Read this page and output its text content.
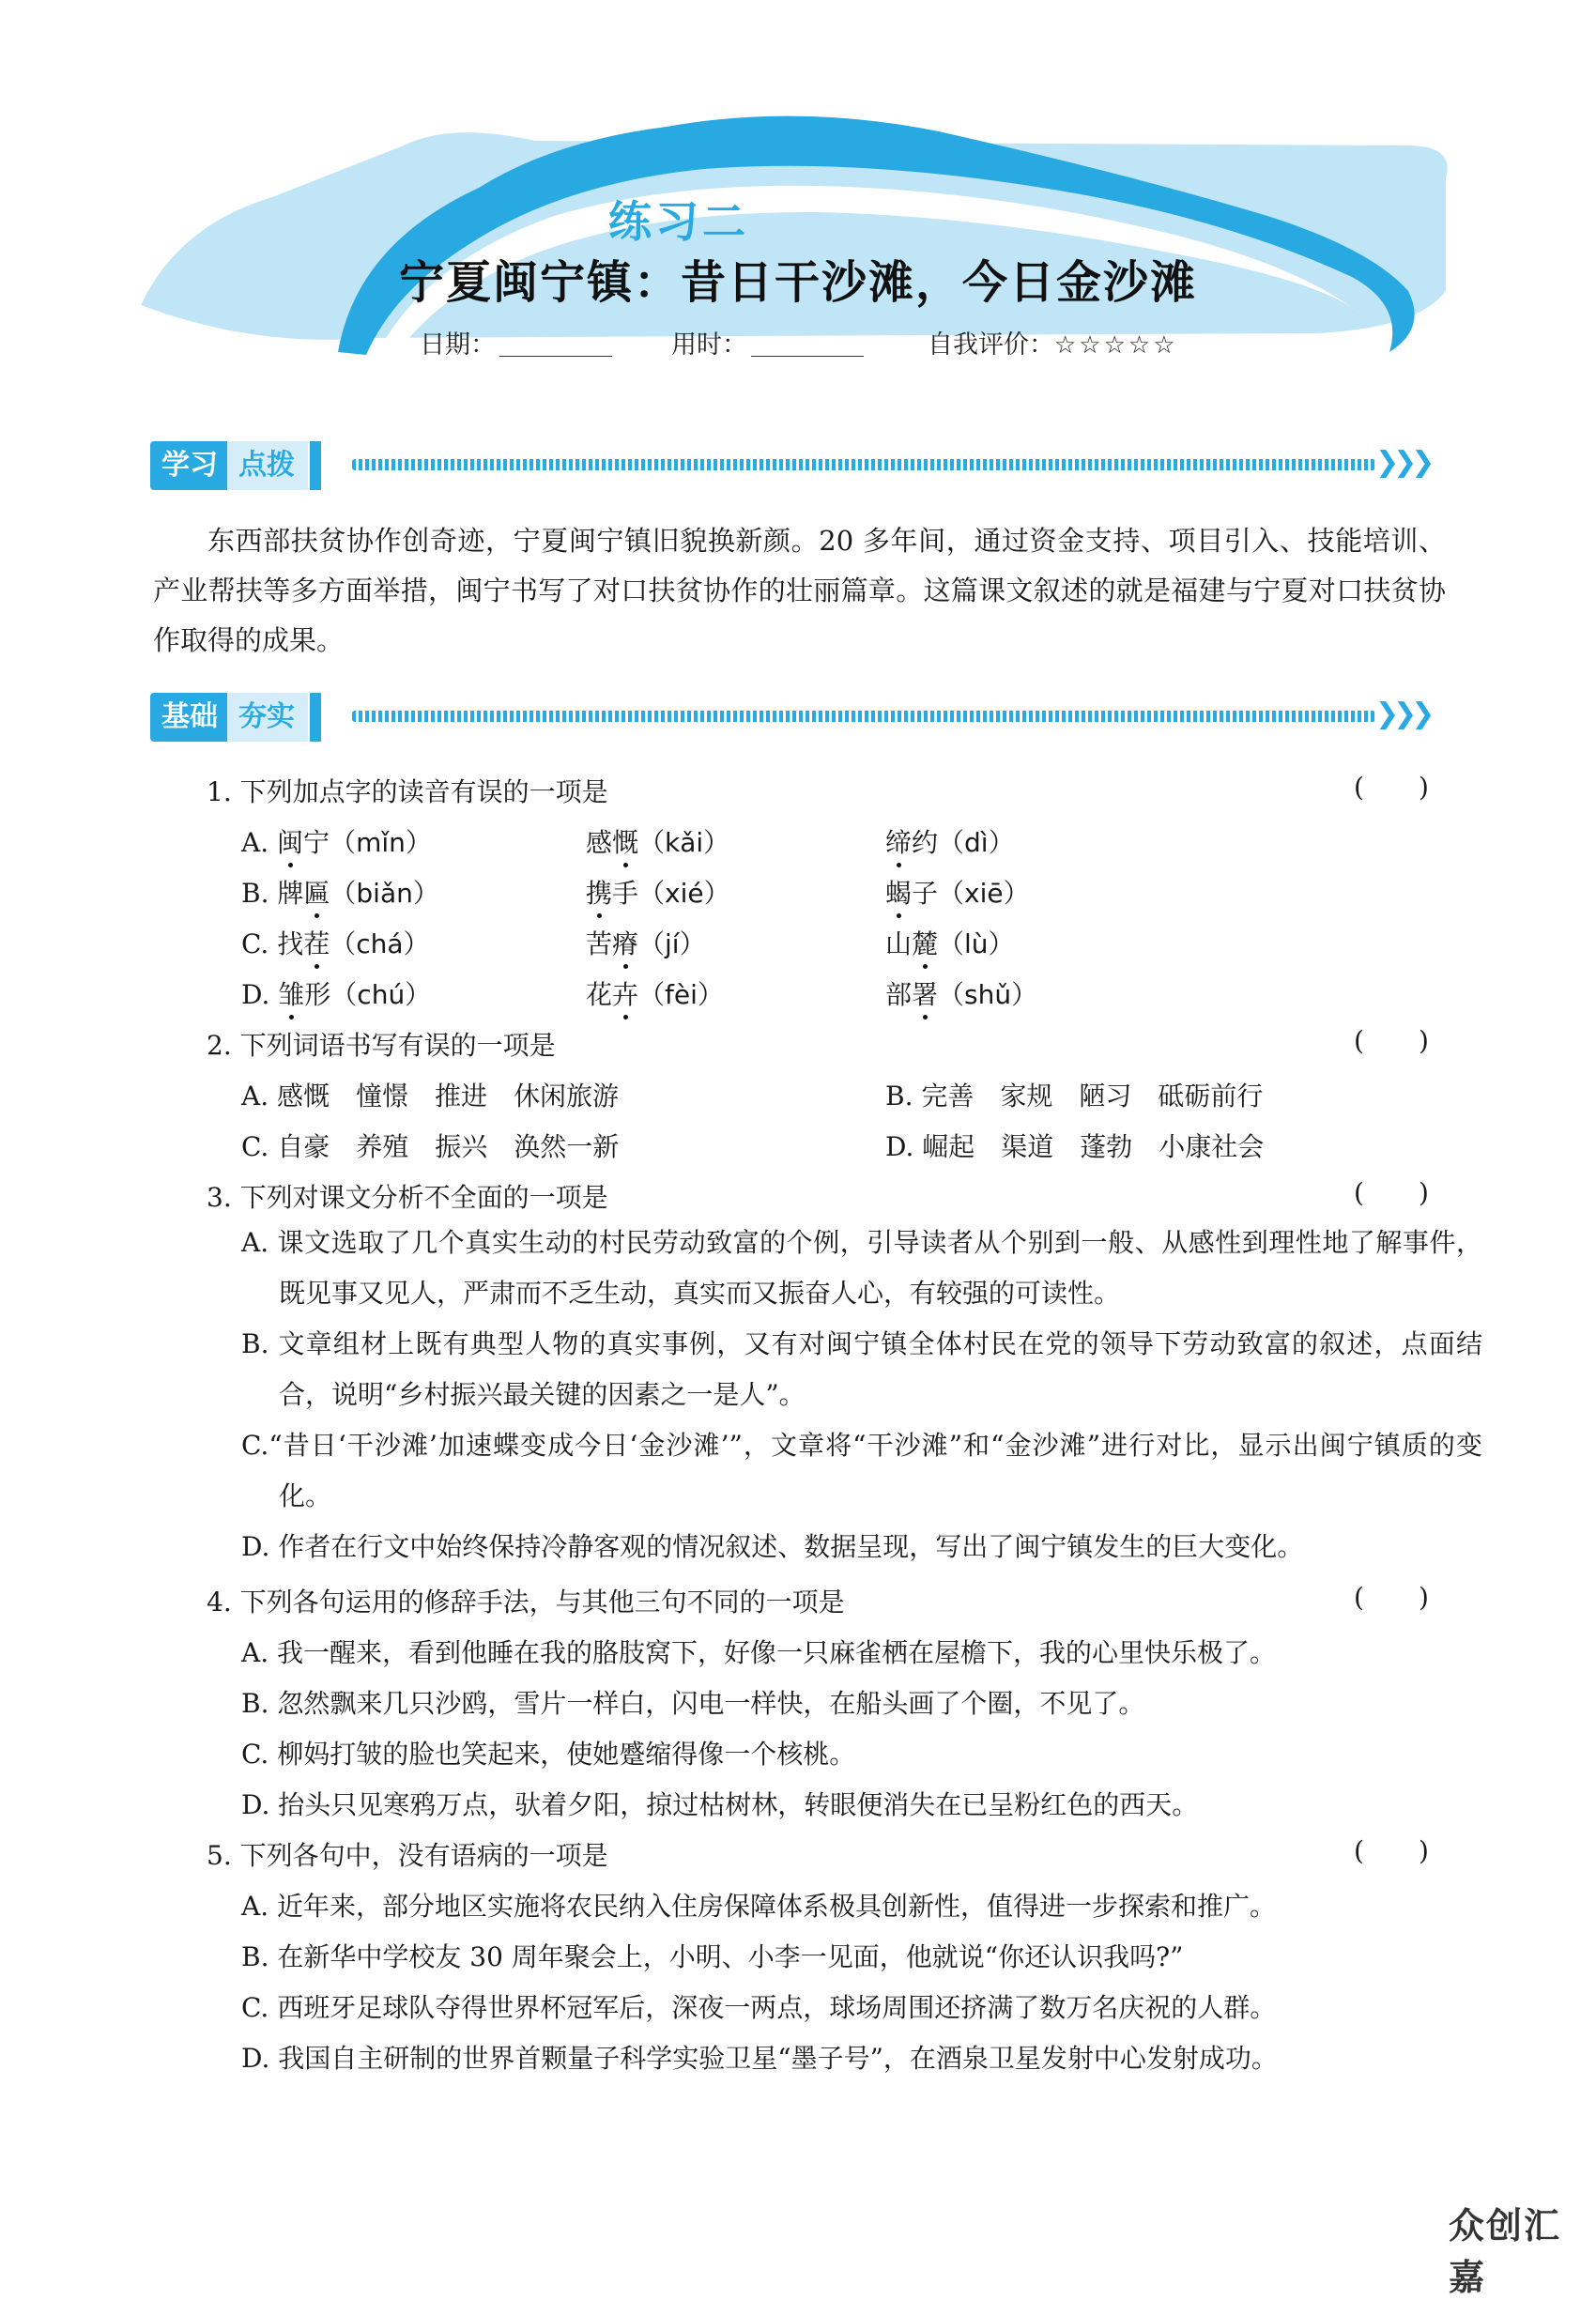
练习二
宁夏闽宁镇：昔日干沙滩，今日金沙滩
日期：	用时：	自我评价：☆☆☆☆☆
学习 点拨	❯❯❯

东西部扶贫协作创奇迹，宁夏闽宁镇旧貌换新颜。20 多年间，通过资金支持、项目引入、技能培训、产业帮扶等多方面举措，闽宁书写了对口扶贫协作的壮丽篇章。这篇课文叙述的就是福建与宁夏对口扶贫协作取得的成果。

基础 夯实	❯❯❯
1. 下列加点字的读音有误的一项是	( )
A. 闽宁（mǐn）	感慨（kǎi）	缔约（dì）
B. 牌匾（biǎn）	携手（xié）	蝎子（xiē）
C. 找茬（chá）	苦瘠（jí）	山麓（lù）
D. 雏形（chú）	花卉（fèi）	部署（shǔ）
2. 下列词语书写有误的一项是	( )
A. 感慨　憧憬　推进　休闲旅游	B. 完善　家规　陋习　砥砺前行
C. 自豪　养殖　振兴　涣然一新	D. 崛起　渠道　蓬勃　小康社会
3. 下列对课文分析不全面的一项是	( )
A. 课文选取了几个真实生动的村民劳动致富的个例，引导读者从个别到一般、从感性到理性地了解事件，既见事又见人，严肃而不乏生动，真实而又振奋人心，有较强的可读性。
B. 文章组材上既有典型人物的真实事例，又有对闽宁镇全体村民在党的领导下劳动致富的叙述，点面结合，说明“乡村振兴最关键的因素之一是人”。
C.“昔日‘干沙滩’加速蝶变成今日‘金沙滩’”，文章将“干沙滩”和“金沙滩”进行对比，显示出闽宁镇质的变化。
D. 作者在行文中始终保持冷静客观的情况叙述、数据呈现，写出了闽宁镇发生的巨大变化。
4. 下列各句运用的修辞手法，与其他三句不同的一项是	( )
A. 我一醒来，看到他睡在我的胳肢窝下，好像一只麻雀栖在屋檐下，我的心里快乐极了。
B. 忽然飘来几只沙鸥，雪片一样白，闪电一样快，在船头画了个圈，不见了。
C. 柳妈打皱的脸也笑起来，使她蹙缩得像一个核桃。
D. 抬头只见寒鸦万点，驮着夕阳，掠过枯树林，转眼便消失在已呈粉红色的西天。
5. 下列各句中，没有语病的一项是	( )
A. 近年来，部分地区实施将农民纳入住房保障体系极具创新性，值得进一步探索和推广。
B. 在新华中学校友 30 周年聚会上，小明、小李一见面，他就说“你还认识我吗?”
C. 西班牙足球队夺得世界杯冠军后，深夜一两点，球场周围还挤满了数万名庆祝的人群。
D. 我国自主研制的世界首颗量子科学实验卫星“墨子号”，在酒泉卫星发射中心发射成功。
众创汇嘉
